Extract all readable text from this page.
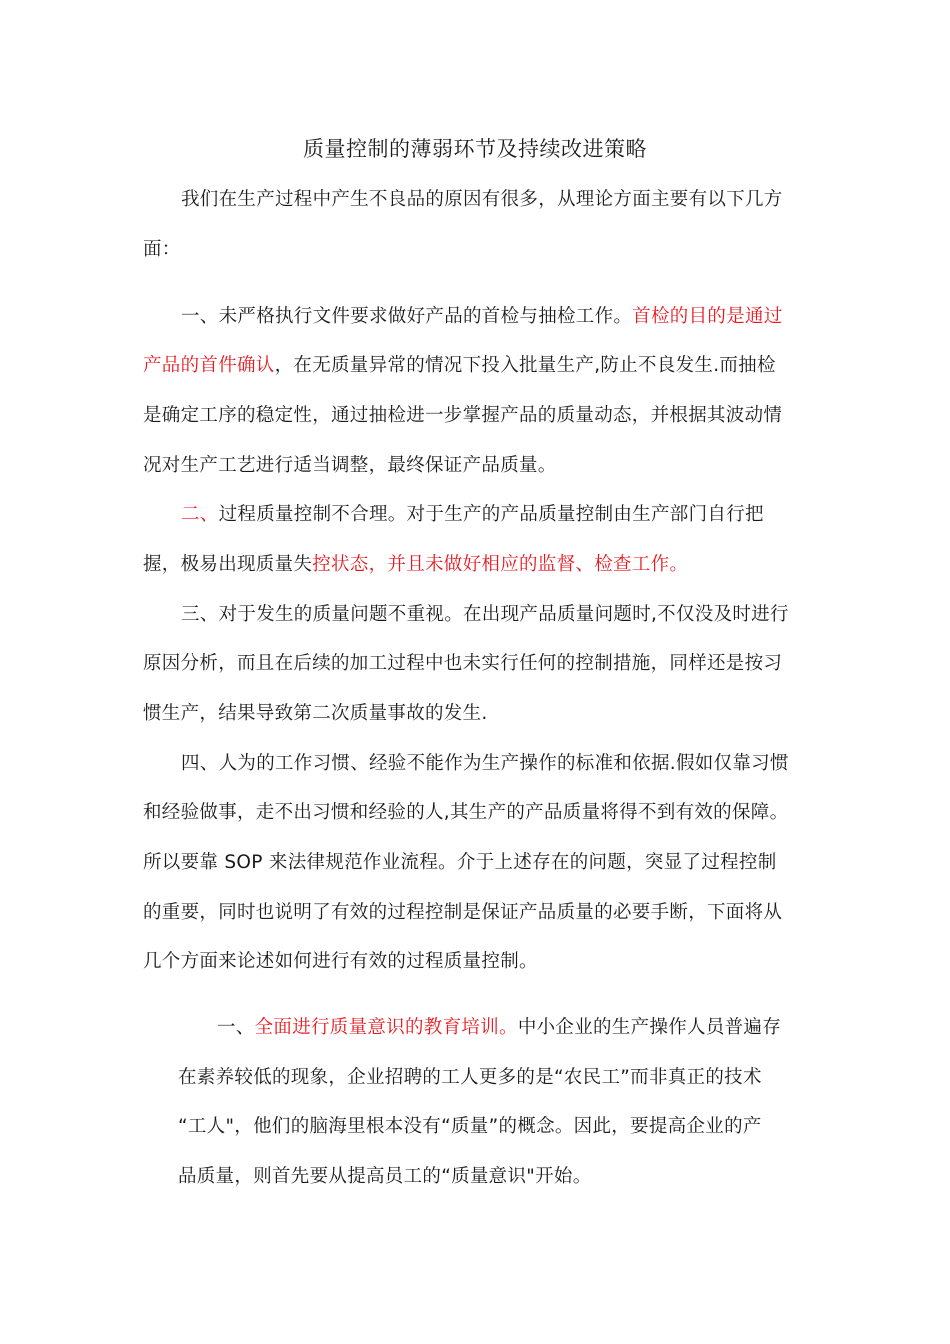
质量控制的薄弱环节及持续改进策略
我们在生产过程中产生不良品的原因有很多，从理论方面主要有以下几方
面：
一、未严格执行文件要求做好产品的首检与抽检工作。首检的目的是通过
产品的首件确认，在无质量异常的情况下投入批量生产,防止不良发生.而抽检
是确定工序的稳定性，通过抽检进一步掌握产品的质量动态，并根据其波动情
况对生产工艺进行适当调整，最终保证产品质量。
二、过程质量控制不合理。对于生产的产品质量控制由生产部门自行把
握，极易出现质量失控状态，并且未做好相应的监督、检查工作。
三、对于发生的质量问题不重视。在出现产品质量问题时,不仅没及时进行
原因分析，而且在后续的加工过程中也未实行任何的控制措施，同样还是按习
惯生产，结果导致第二次质量事故的发生.
四、人为的工作习惯、经验不能作为生产操作的标准和依据.假如仅靠习惯
和经验做事，走不出习惯和经验的人,其生产的产品质量将得不到有效的保障。
所以要靠 SOP 来法律规范作业流程。介于上述存在的问题，突显了过程控制
的重要，同时也说明了有效的过程控制是保证产品质量的必要手断，下面将从
几个方面来论述如何进行有效的过程质量控制。
一、全面进行质量意识的教育培训。中小企业的生产操作人员普遍存
在素养较低的现象，企业招聘的工人更多的是“农民工”而非真正的技术
“工人"，他们的脑海里根本没有“质量”的概念。因此，要提高企业的产
品质量，则首先要从提高员工的“质量意识"开始。
